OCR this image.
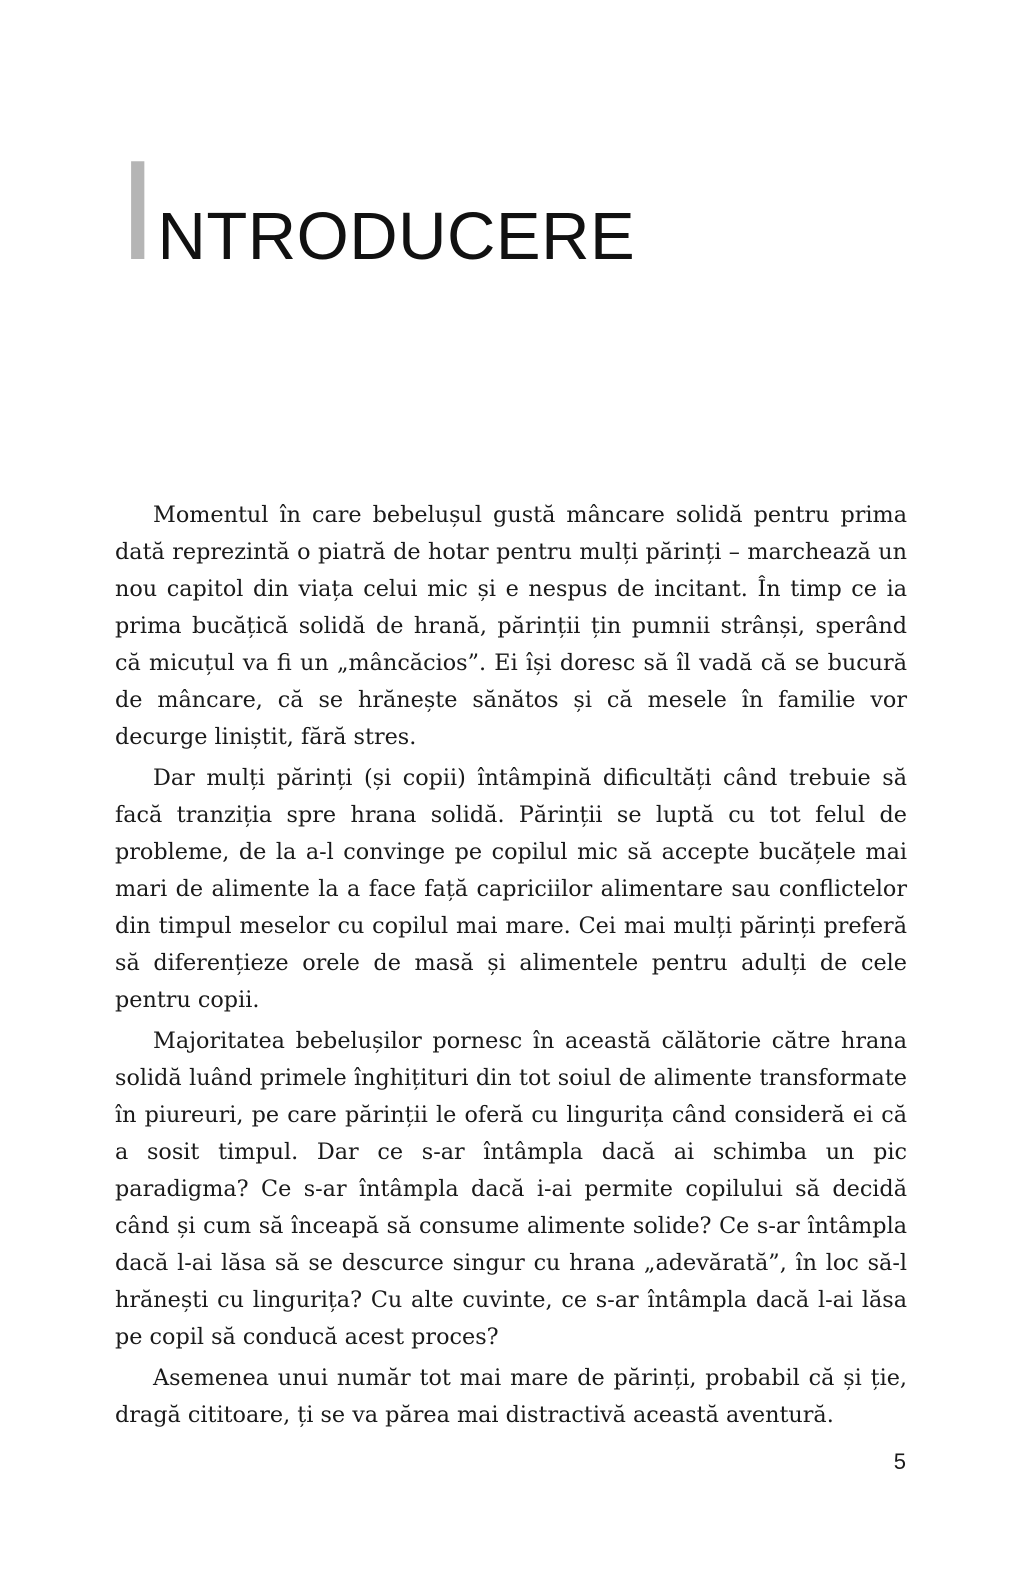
INTRODUCERE

Momentul în care bebelușul gustă mâncare solidă pentru prima dată reprezintă o piatră de hotar pentru mulți părinți – marchează un nou capitol din viața celui mic și e nespus de incitant. În timp ce ia prima bucățică solidă de hrană, părinții țin pumnii strânși, sperând că micuțul va fi un „mâncăcios”. Ei își doresc să îl vadă că se bucură de mâncare, că se hrănește sănătos și că mesele în familie vor decurge liniștit, fără stres.

Dar mulți părinți (și copii) întâmpină dificultăți când trebuie să facă tranziția spre hrana solidă. Părinții se luptă cu tot felul de probleme, de la a-l convinge pe copilul mic să accepte bucățele mai mari de alimente la a face față capriciilor alimentare sau conflictelor din timpul meselor cu copilul mai mare. Cei mai mulți părinți preferă să diferențieze orele de masă și alimentele pentru adulți de cele pentru copii.

Majoritatea bebelușilor pornesc în această călătorie către hrana solidă luând primele înghițituri din tot soiul de alimente transformate în piureuri, pe care părinții le oferă cu lingurița când consideră ei că a sosit timpul. Dar ce s-ar întâmpla dacă ai schimba un pic paradigma? Ce s-ar întâmpla dacă i-ai permite copilului să decidă când și cum să înceapă să consume alimente solide? Ce s-ar întâmpla dacă l-ai lăsa să se descurce singur cu hrana „adevărată”, în loc să-l hrănești cu lingurița? Cu alte cuvinte, ce s-ar întâmpla dacă l-ai lăsa pe copil să conducă acest proces?

Asemenea unui număr tot mai mare de părinți, probabil că și ție, dragă cititoare, ți se va părea mai distractivă această aventură.

5
